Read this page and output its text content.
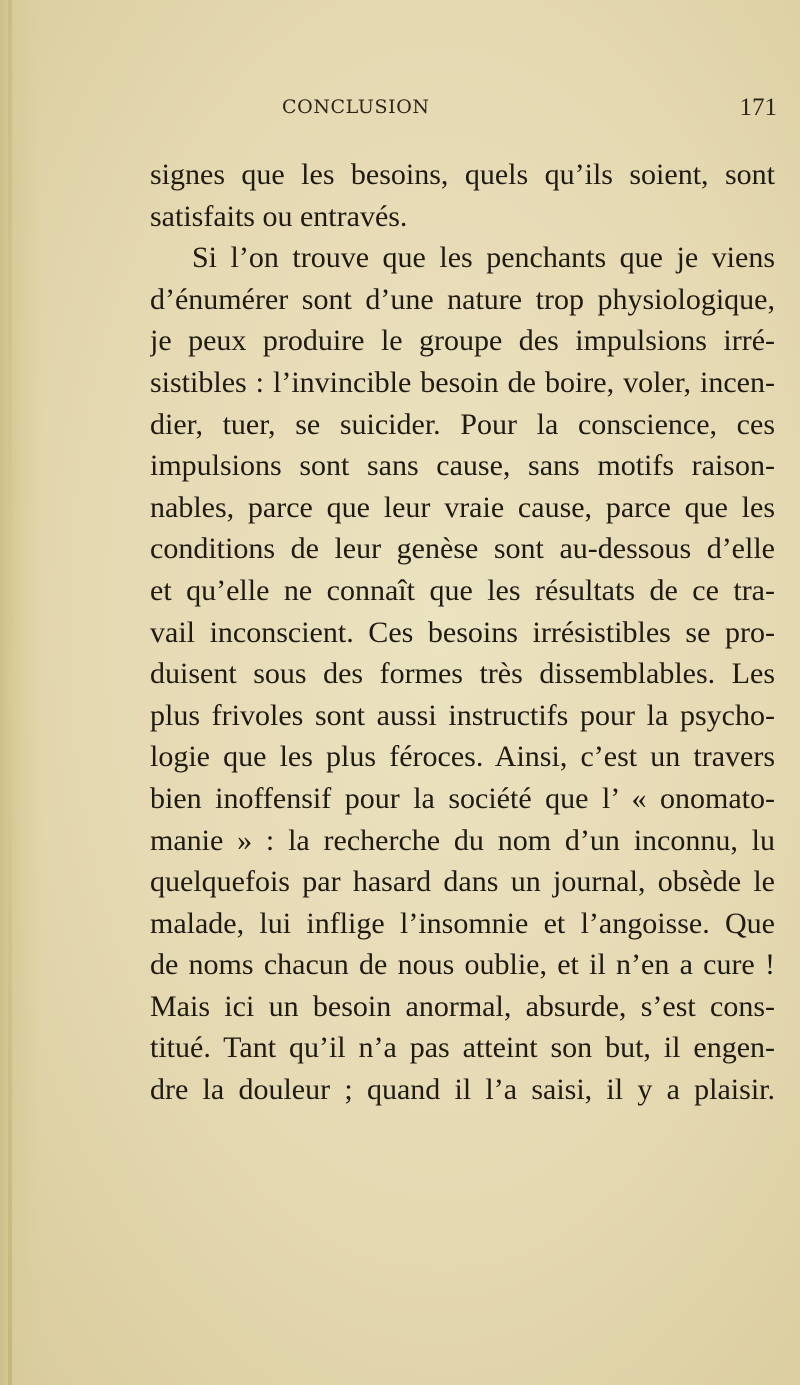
CONCLUSION	171
signes que les besoins, quels qu’ils soient, sont
satisfaits ou entravés.
Si l’on trouve que les penchants que je viens
d’énumérer sont d’une nature trop physiologique,
je peux produire le groupe des impulsions irré-
sistibles : l’invincible besoin de boire, voler, incen-
dier, tuer, se suicider. Pour la conscience, ces
impulsions sont sans cause, sans motifs raison-
nables, parce que leur vraie cause, parce que les
conditions de leur genèse sont au-dessous d’elle
et qu’elle ne connaît que les résultats de ce tra-
vail inconscient. Ces besoins irrésistibles se pro-
duisent sous des formes très dissemblables. Les
plus frivoles sont aussi instructifs pour la psycho-
logie que les plus féroces. Ainsi, c’est un travers
bien inoffensif pour la société que l’ « onomato-
manie » : la recherche du nom d’un inconnu, lu
quelquefois par hasard dans un journal, obsède le
malade, lui inflige l’insomnie et l’angoisse. Que
de noms chacun de nous oublie, et il n’en a cure !
Mais ici un besoin anormal, absurde, s’est cons-
titué. Tant qu’il n’a pas atteint son but, il engen-
dre la douleur ; quand il l’a saisi, il y a plaisir.
